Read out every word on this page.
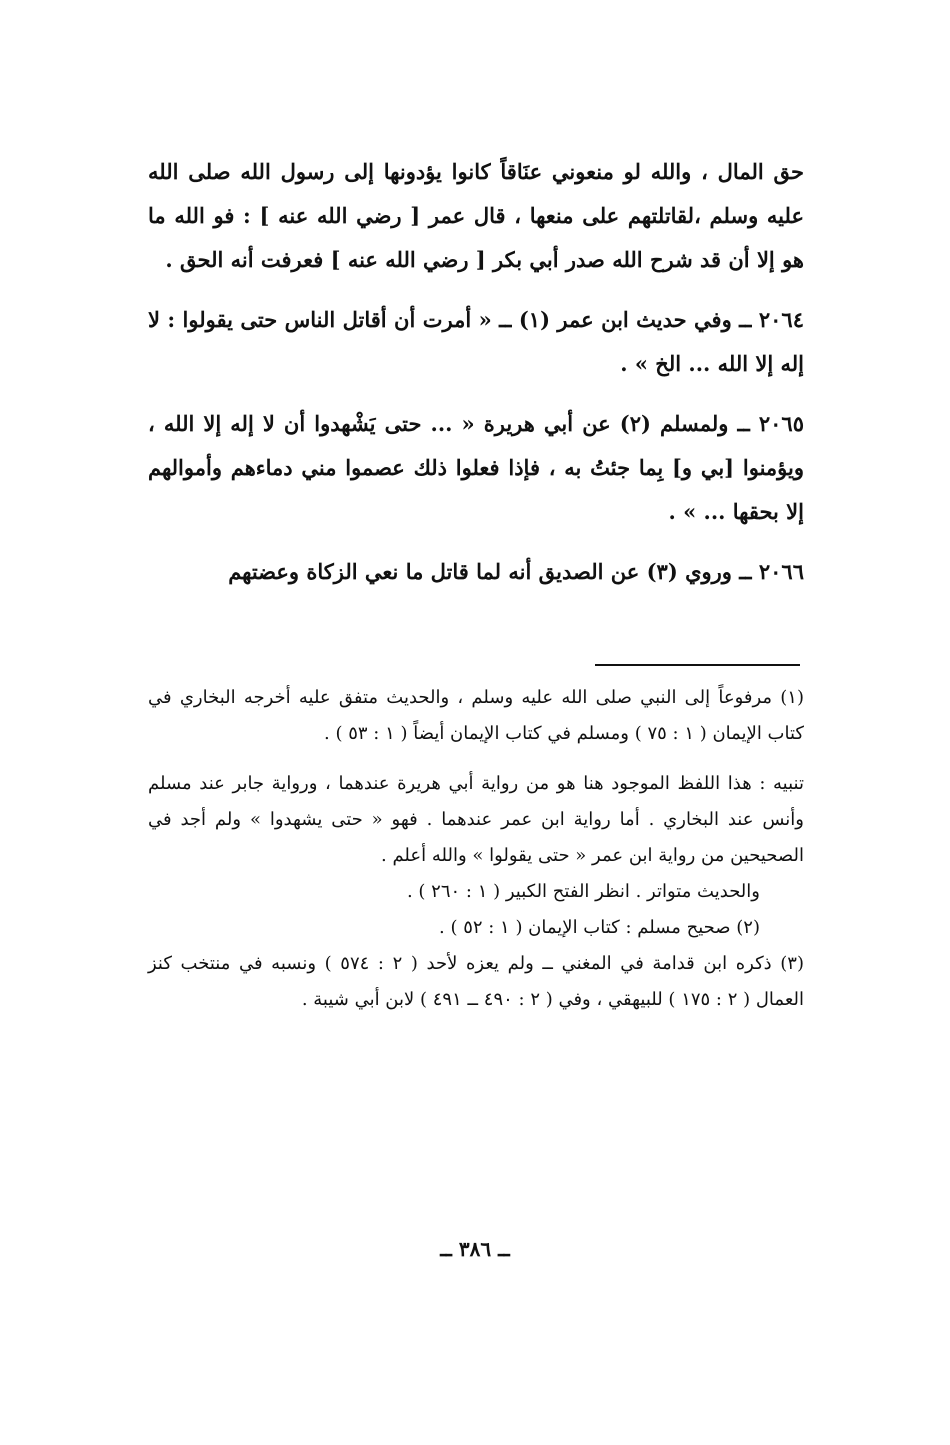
حق المال ، والله لو منعوني عنَاقاً كانوا يؤدونها إلى رسول الله صلى الله عليه وسلم ،لقاتلتهم على منعها ، قال عمر [ رضي الله عنه ] : فو الله ما هو إلا أن قد شرح الله صدر أبي بكر [ رضي الله عنه ] فعرفت أنه الحق .

٢٠٦٤ ــ وفي حديث ابن عمر (١) ــ « أمرت أن أقاتل الناس حتى يقولوا : لا إله إلا الله ... الخ » .

٢٠٦٥ ــ ولمسلم (٢) عن أبي هريرة « ... حتى يَشْهدوا أن لا إله إلا الله ، ويؤمنوا [بي و] بِما جئتُ به ، فإذا فعلوا ذلك عصموا مني دماءهم وأموالهم إلا بحقها ... » .

٢٠٦٦ ــ وروي (٣) عن الصديق أنه لما قاتل ما نعي الزكاة وعضتهم

(١) مرفوعاً إلى النبي صلى الله عليه وسلم ، والحديث متفق عليه أخرجه البخاري في كتاب الإيمان ( ١ : ٧٥ ) ومسلم في كتاب الإيمان أيضاً ( ١ : ٥٣ ) .

تنبيه : هذا اللفظ الموجود هنا هو من رواية أبي هريرة عندهما ، ورواية جابر عند مسلم وأنس عند البخاري . أما رواية ابن عمر عندهما . فهو « حتى يشهدوا » ولم أجد في الصحيحين من رواية ابن عمر « حتى يقولوا » والله أعلم .

والحديث متواتر . انظر الفتح الكبير ( ١ : ٢٦٠ ) .

(٢) صحيح مسلم : كتاب الإيمان ( ١ : ٥٢ ) .

(٣) ذكره ابن قدامة في المغني ــ ولم يعزه لأحد ( ٢ : ٥٧٤ ) ونسبه في منتخب كنز العمال ( ٢ : ١٧٥ ) للبيهقي ، وفي ( ٢ : ٤٩٠ ــ ٤٩١ ) لابن أبي شيبة .

ــ ٣٨٦ ــ
